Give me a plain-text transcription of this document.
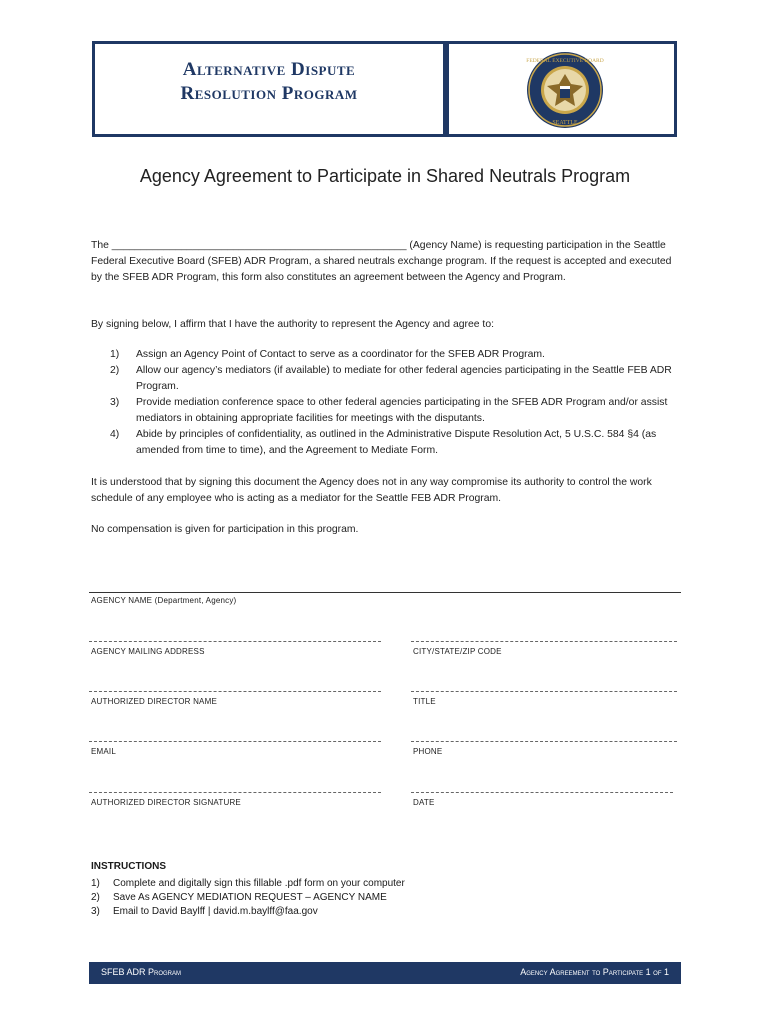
Alternative Dispute
Resolution Program
FEDERAL EXECUTIVE BOARD
SEATTLE
Agency Agreement to Participate in Shared Neutrals Program
The ___________________________________________________ (Agency Name) is requesting participation in the Seattle Federal Executive Board (SFEB) ADR Program, a shared neutrals exchange program. If the request is accepted and executed by the SFEB ADR Program, this form also constitutes an agreement between the Agency and Program.
By signing below, I affirm that I have the authority to represent the Agency and agree to:
1) Assign an Agency Point of Contact to serve as a coordinator for the SFEB ADR Program.
2) Allow our agency’s mediators (if available) to mediate for other federal agencies participating in the Seattle FEB ADR Program.
3) Provide mediation conference space to other federal agencies participating in the SFEB ADR Program and/or assist mediators in obtaining appropriate facilities for meetings with the disputants.
4) Abide by principles of confidentiality, as outlined in the Administrative Dispute Resolution Act, 5 U.S.C. 584 §4 (as amended from time to time), and the Agreement to Mediate Form.
It is understood that by signing this document the Agency does not in any way compromise its authority to control the work schedule of any employee who is acting as a mediator for the Seattle FEB ADR Program.
No compensation is given for participation in this program.
AGENCY NAME (Department, Agency)
AGENCY MAILING ADDRESS	CITY/STATE/ZIP CODE
AUTHORIZED DIRECTOR NAME	TITLE
EMAIL	PHONE
AUTHORIZED DIRECTOR SIGNATURE	DATE
INSTRUCTIONS
1) Complete and digitally sign this fillable .pdf form on your computer
2) Save As AGENCY MEDIATION REQUEST – AGENCY NAME
3) Email to David Baylff | david.m.baylff@faa.gov
SFEB ADR Program	Agency Agreement to Participate 1 of 1
